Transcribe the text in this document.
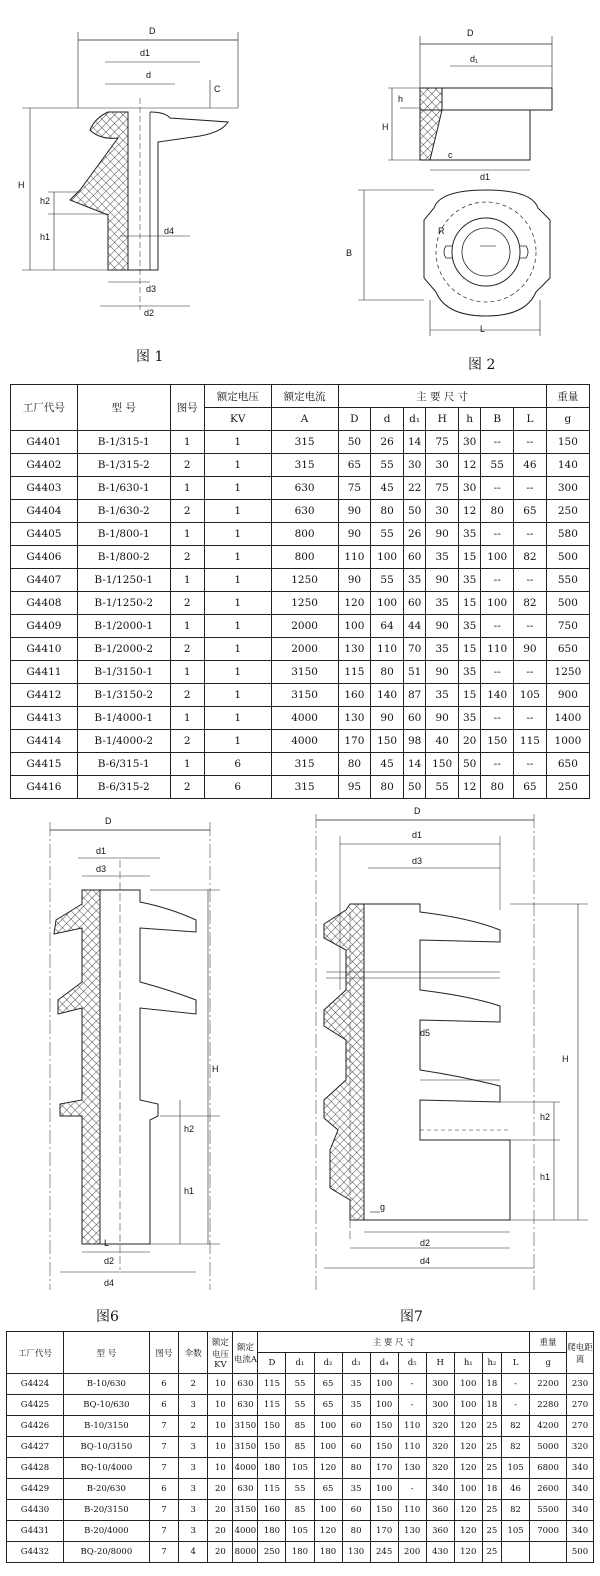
D
d1
d
C
H
h2
h1
d4
d3
d2
图 1
D
d₁
h
H
c
d1
R
B
L
图 2
工厂代号	型 号	图号	额定电压	额定电流	主 要 尺 寸							重量
			KV	A	D	d	d₁	H	h	B	L	g
G4401	B-1/315-1	1	1	315	50	26	14	75	30	--	--	150
G4402	B-1/315-2	2	1	315	65	55	30	30	12	55	46	140
G4403	B-1/630-1	1	1	630	75	45	22	75	30	--	--	300
G4404	B-1/630-2	2	1	630	90	80	50	30	12	80	65	250
G4405	B-1/800-1	1	1	800	90	55	26	90	35	--	--	580
G4406	B-1/800-2	2	1	800	110	100	60	35	15	100	82	500
G4407	B-1/1250-1	1	1	1250	90	55	35	90	35	--	--	550
G4408	B-1/1250-2	2	1	1250	120	100	60	35	15	100	82	500
G4409	B-1/2000-1	1	1	2000	100	64	44	90	35	--	--	750
G4410	B-1/2000-2	2	1	2000	130	110	70	35	15	110	90	650
G4411	B-1/3150-1	1	1	3150	115	80	51	90	35	--	--	1250
G4412	B-1/3150-2	2	1	3150	160	140	87	35	15	140	105	900
G4413	B-1/4000-1	1	1	4000	130	90	60	90	35	--	--	1400
G4414	B-1/4000-2	2	1	4000	170	150	98	40	20	150	115	1000
G4415	B-6/315-1	1	6	315	80	45	14	150	50	--	--	650
G4416	B-6/315-2	2	6	315	95	80	50	55	12	80	65	250
D
d1
d3
H
h2
h1
L
d2
d4
图6
D
d1
d3
d5
H
h2
h1
g
d2
d4
图7
工厂代号	型 号	图号	伞数	额定电压KV	额定电流A	主 要 尺 寸										重量	爬电距离
						D	d₁	d₂	d₃	d₄	d₅	H	h₁	h₂	L	g	
G4424	B-10/630	6	2	10	630	115	55	65	35	100	-	300	100	18	-	2200	230
G4425	BQ-10/630	6	3	10	630	115	55	65	35	100	-	300	100	18	-	2280	270
G4426	B-10/3150	7	2	10	3150	150	85	100	60	150	110	320	120	25	82	4200	270
G4427	BQ-10/3150	7	3	10	3150	150	85	100	60	150	110	320	120	25	82	5000	320
G4428	BQ-10/4000	7	3	10	4000	180	105	120	80	170	130	320	120	25	105	6800	340
G4429	B-20/630	6	3	20	630	115	55	65	35	100	-	340	100	18	46	2600	340
G4430	B-20/3150	7	3	20	3150	160	85	100	60	150	110	360	120	25	82	5500	340
G4431	B-20/4000	7	3	20	4000	180	105	120	80	170	130	360	120	25	105	7000	340
G4432	BQ-20/8000	7	4	20	8000	250	180	180	130	245	200	430	120	25			500
